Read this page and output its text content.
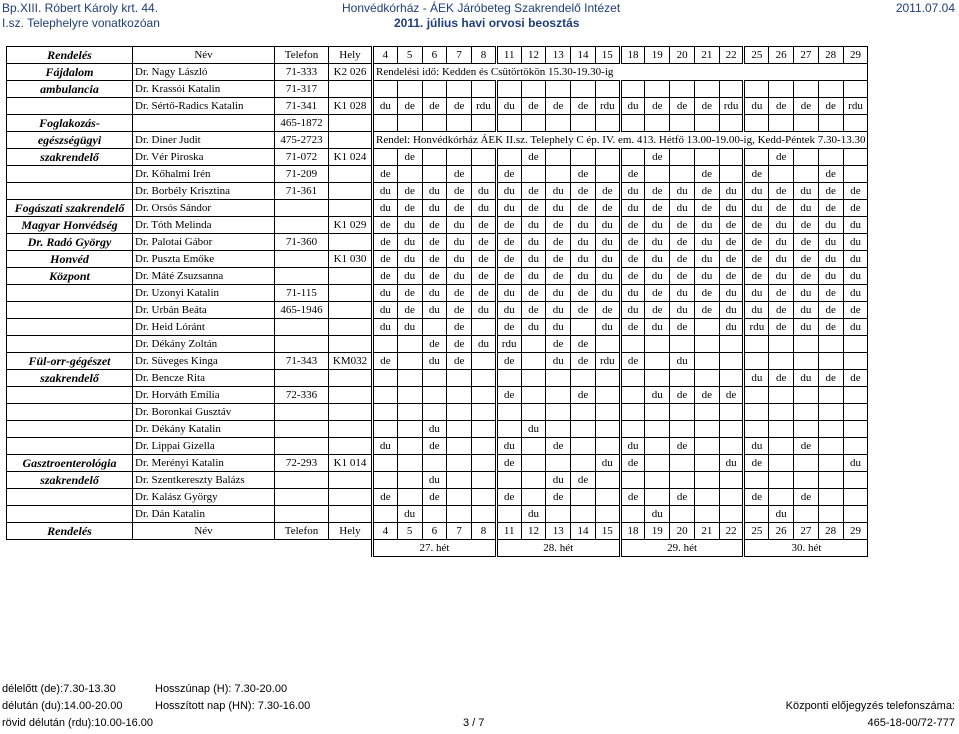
Bp.XIII. Róbert Károly krt. 44.
I.sz. Telephelyre vonatkozóan
Honvédkórház - ÁEK Járóbeteg Szakrendelő Intézet
2011. július havi orvosi beosztás
2011.07.04
Rendelés	Név	Telefon	Hely	4	5	6	7	8	11	12	13	14	15	18	19	20	21	22	25	26	27	28	29
Fájdalom	Dr. Nagy László	71-333	K2 026	Rendelési idő: Kedden és Csütörtökön 15.30-19.30-ig																			
ambulancia	Dr. Krassói Katalin	71-317																					
	Dr. Sértő-Radics Katalin	71-341	K1 028	du	de	de	de	rdu	du	de	de	de	rdu	du	de	de	de	rdu	du	de	de	de	rdu
Foglakozás-		465-1872																					
egészségügyi	Dr. Diner Judit	475-2723		Rendel: Honvédkórház ÁEK II.sz. Telephely C ép. IV. em. 413. Hétfő 13.00-19.00-ig, Kedd-Péntek 7.30-13.30																			
szakrendelő	Dr. Vér Piroska	71-072	K1 024		de					de					de					de			
	Dr. Kőhalmi Irén	71-209		de			de		de			de		de			de		de			de	
	Dr. Borbély Krisztina	71-361		du	de	du	de	du	du	de	du	de	de	du	de	du	de	du	du	de	du	de	de
Fogászati szakrendelő	Dr. Orsós Sándor			du	de	du	de	du	du	de	du	de	de	du	de	du	de	du	du	de	du	de	de
Magyar Honvédség	Dr. Tóth Melinda		K1 029	de	du	de	du	de	de	du	de	du	du	de	du	de	du	de	de	du	de	du	du
Dr. Radó György	Dr. Palotai Gábor	71-360		de	du	de	du	de	de	du	de	du	du	de	du	de	du	de	de	du	de	du	du
Honvéd	Dr. Puszta Emőke		K1 030	de	du	de	du	de	de	du	de	du	du	de	du	de	du	de	de	du	de	du	du
Központ	Dr. Máté Zsuzsanna			de	du	de	du	de	de	du	de	du	du	de	du	de	du	de	de	du	de	du	du
	Dr. Uzonyi Katalin	71-115		du	de	du	de	de	du	de	du	de	du	du	de	du	de	du	du	de	du	de	du
	Dr. Urbán Beáta	465-1946		du	de	du	de	du	du	de	du	de	de	du	de	du	de	du	du	de	du	de	de
	Dr. Heid Lóránt			du	du		de		de	du	du		du	de	du	de		du	rdu	de	du	de	du
	Dr. Dékány Zoltán					de	de	du	rdu		de	de											
Fül-orr-gégészet	Dr. Süveges Kinga	71-343	KM032	de		du	de		de		du	de	rdu	de		du							
szakrendelő	Dr. Bencze Rita																		du	de	du	de	de
	Dr. Horváth Emília	72-336							de			de			du	de	de	de					
	Dr. Boronkai Gusztáv																						
	Dr. Dékány Katalin					du				du													
	Dr. Lippai Gizella			du		de			du		de			du		de			du		de		
Gasztroenterológia	Dr. Merényi Katalin	72-293	K1 014						de				du	de				du	de				du
szakrendelő	Dr. Szentkereszty Balázs					du					du	de											
	Dr. Kalász György			de		de			de		de			de		de			de		de		
	Dr. Dán Katalin				du					du					du					du			
Rendelés	Név	Telefon	Hely	4	5	6	7	8	11	12	13	14	15	18	19	20	21	22	25	26	27	28	29
				27. hét					28. hét					29. hét					30. hét				
délelőtt (de):7.30-13.30	Hosszúnap (H): 7.30-20.00
délután (du):14.00-20.00	Hosszított nap (HN): 7.30-16.00
rövid délután (rdu):10.00-16.00	3 / 7
Központi előjegyzés telefonszáma:
465-18-00/72-777
